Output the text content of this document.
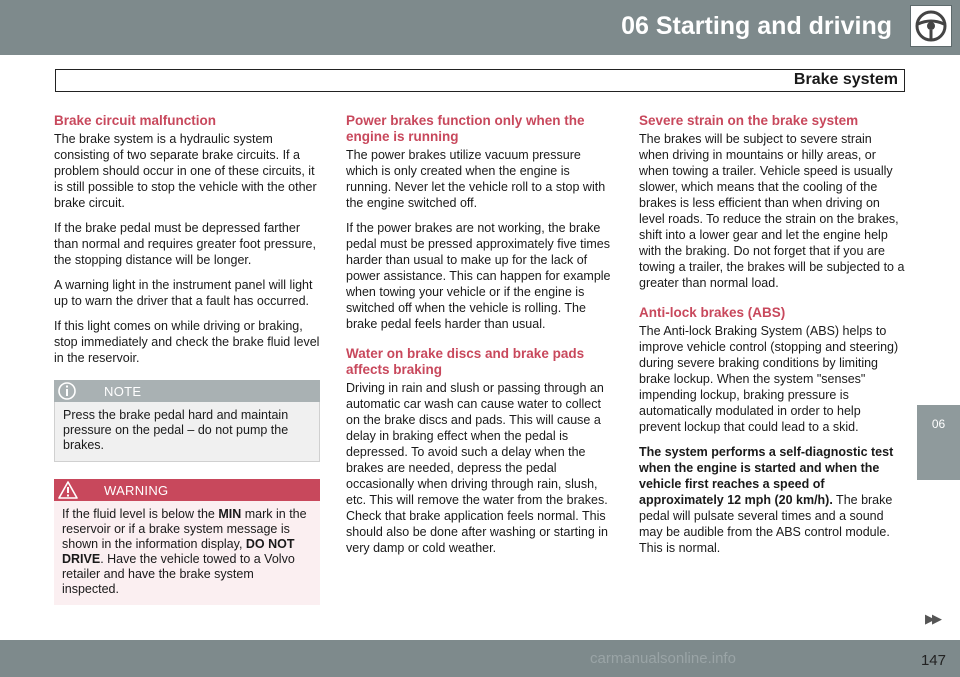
06 Starting and driving
Brake system
Brake circuit malfunction

The brake system is a hydraulic system consisting of two separate brake circuits. If a problem should occur in one of these circuits, it is still possible to stop the vehicle with the other brake circuit.

If the brake pedal must be depressed farther than normal and requires greater foot pressure, the stopping distance will be longer.

A warning light in the instrument panel will light up to warn the driver that a fault has occurred.

If this light comes on while driving or braking, stop immediately and check the brake fluid level in the reservoir.

NOTE
Press the brake pedal hard and maintain pressure on the pedal – do not pump the brakes.
WARNING
If the fluid level is below the MIN mark in the reservoir or if a brake system message is shown in the information display, DO NOT DRIVE. Have the vehicle towed to a Volvo retailer and have the brake system inspected.
Power brakes function only when the engine is running

The power brakes utilize vacuum pressure which is only created when the engine is running. Never let the vehicle roll to a stop with the engine switched off.

If the power brakes are not working, the brake pedal must be pressed approximately five times harder than usual to make up for the lack of power assistance. This can happen for example when towing your vehicle or if the engine is switched off when the vehicle is rolling. The brake pedal feels harder than usual.

Water on brake discs and brake pads affects braking

Driving in rain and slush or passing through an automatic car wash can cause water to collect on the brake discs and pads. This will cause a delay in braking effect when the pedal is depressed. To avoid such a delay when the brakes are needed, depress the pedal occasionally when driving through rain, slush, etc. This will remove the water from the brakes. Check that brake application feels normal. This should also be done after washing or starting in very damp or cold weather.

Severe strain on the brake system

The brakes will be subject to severe strain when driving in mountains or hilly areas, or when towing a trailer. Vehicle speed is usually slower, which means that the cooling of the brakes is less efficient than when driving on level roads. To reduce the strain on the brakes, shift into a lower gear and let the engine help with the braking. Do not forget that if you are towing a trailer, the brakes will be subjected to a greater than normal load.

Anti-lock brakes (ABS)

The Anti-lock Braking System (ABS) helps to improve vehicle control (stopping and steering) during severe braking conditions by limiting brake lockup. When the system "senses" impending lockup, braking pressure is automatically modulated in order to help prevent lockup that could lead to a skid.

The system performs a self-diagnostic test when the engine is started and when the vehicle first reaches a speed of approximately 12 mph (20 km/h). The brake pedal will pulsate several times and a sound may be audible from the ABS control module. This is normal.

06
▶▶
147
carmanualsonline.info
